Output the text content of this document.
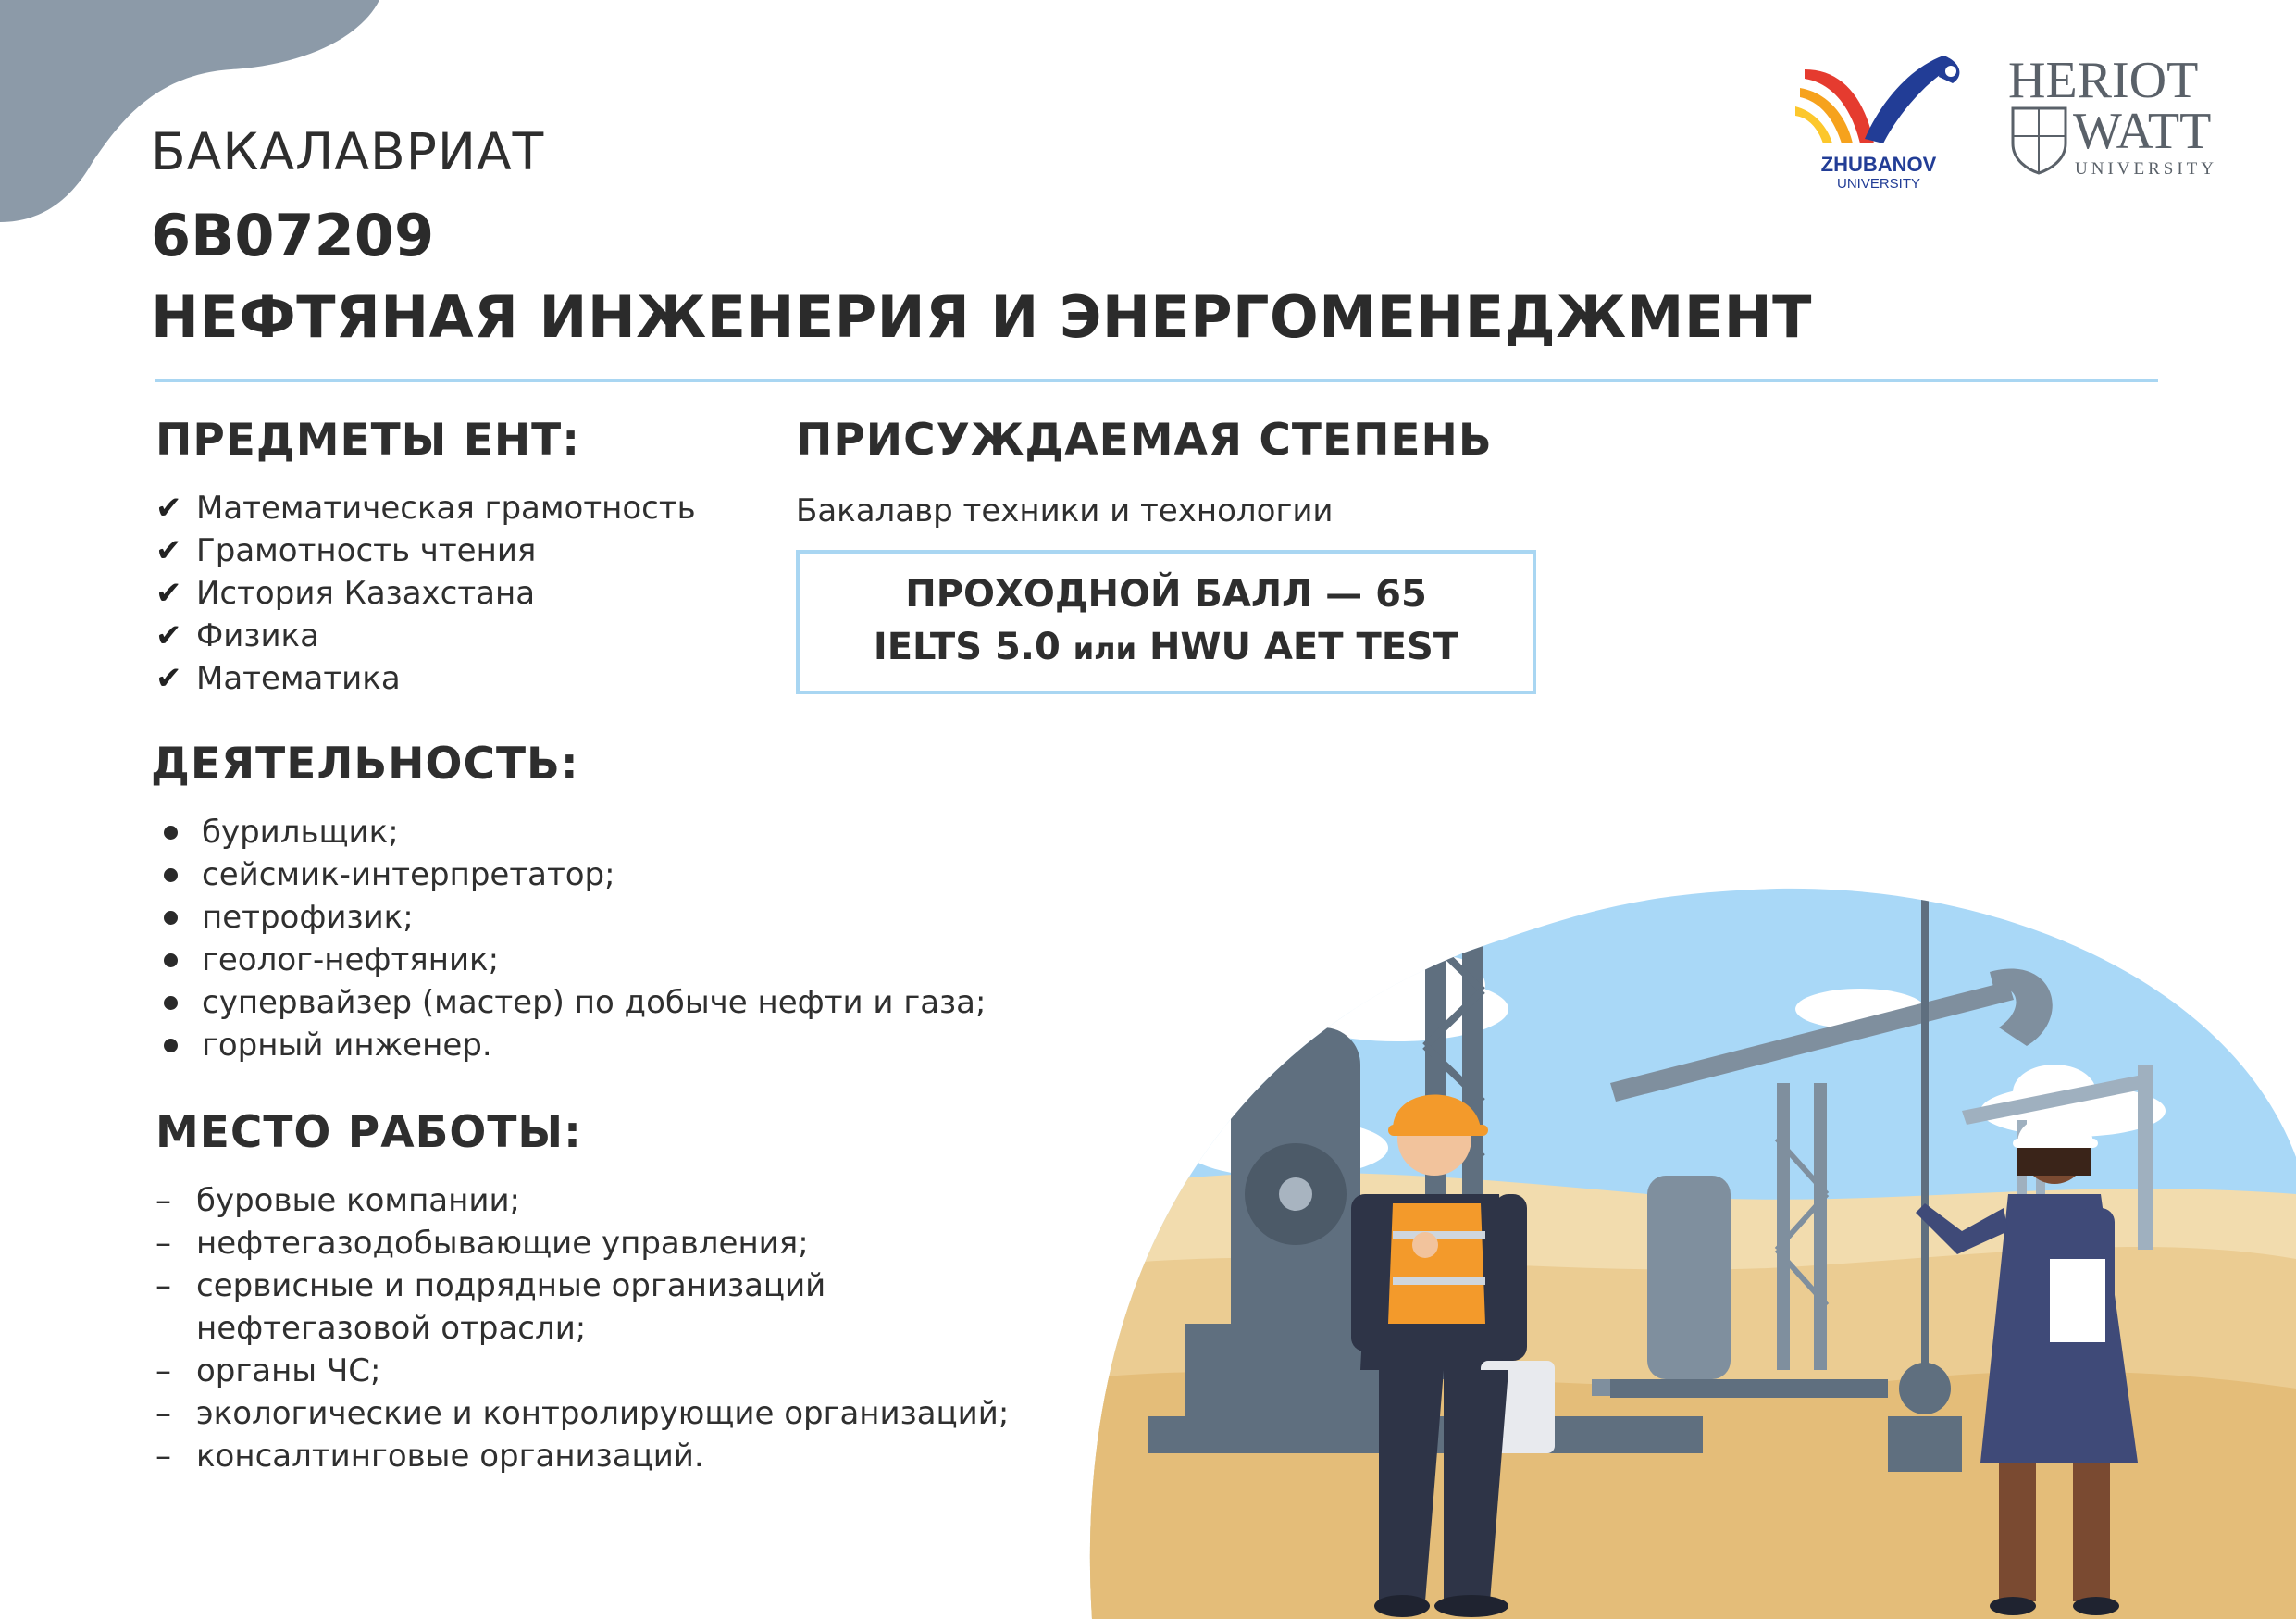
ZHUBANOV
UNIVERSITY
HERIOT
WATT
UNIVERSITY
БАКАЛАВРИАТ
6B07209
НЕФТЯНАЯ ИНЖЕНЕРИЯ И ЭНЕРГОМЕНЕДЖМЕНТ
ПРЕДМЕТЫ ЕНТ:
✔ Математическая грамотность
✔ Грамотность чтения
✔ История Казахстана
✔ Физика
✔ Математика
ПРИСУЖДАЕМАЯ СТЕПЕНЬ
Бакалавр техники и технологии
ПРОХОДНОЙ БАЛЛ — 65
IELTS 5.0 или HWU AET TEST
ДЕЯТЕЛЬНОСТЬ:
бурильщик;
сейсмик-интерпретатор;
петрофизик;
геолог-нефтяник;
супервайзер (мастер) по добыче нефти и газа;
горный инженер.
МЕСТО РАБОТЫ:
– буровые компании;
– нефтегазодобывающие управления;
– сервисные и подрядные организаций
нефтегазовой отрасли;
– органы ЧС;
– экологические и контролирующие организаций;
– консалтинговые организаций.
